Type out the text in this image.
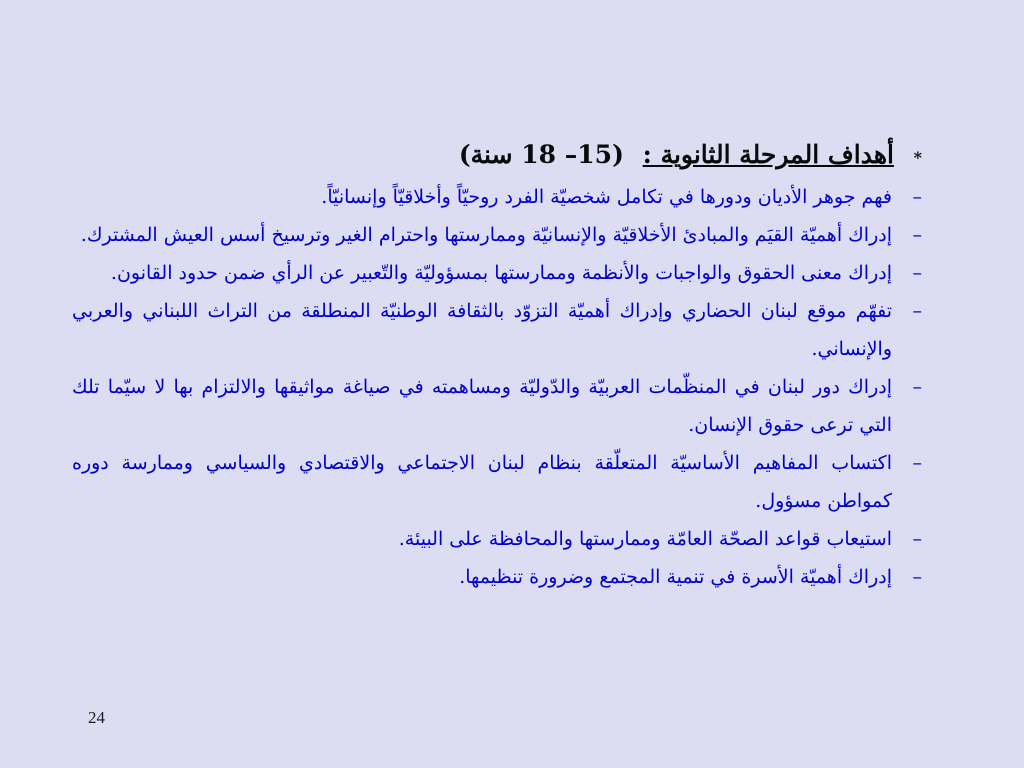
*
أهداف المرحلة الثانوية : (15– 18 سنة)
–
فهم جوهر الأديان ودورها في تكامل شخصيّة الفرد روحيّاً وأخلاقيّاً وإنسانيّاً.
–
إدراك أهميّة القيَم والمبادئ الأخلاقيّة والإنسانيّة وممارستها واحترام الغير وترسيخ أسس العيش المشترك.
–
إدراك معنى الحقوق والواجبات والأنظمة وممارستها بمسؤوليّة والتّعبير عن الرأي ضمن حدود القانون.
–
تفهّم موقع لبنان الحضاري وإدراك أهميّة التزوّد بالثقافة الوطنيّة المنطلقة من التراث اللبناني والعربي والإنساني.
–
إدراك دور لبنان في المنظّمات العربيّة والدّوليّة ومساهمته في صياغة مواثيقها والالتزام بها لا سيّما تلك التي ترعى حقوق الإنسان.
–
اكتساب المفاهيم الأساسيّة المتعلّقة بنظام لبنان الاجتماعي والاقتصادي والسياسي وممارسة دوره كمواطن مسؤول.
–
استيعاب قواعد الصحّة العامّة وممارستها والمحافظة على البيئة.
–
إدراك أهميّة الأسرة في تنمية المجتمع وضرورة تنظيمها.
24
